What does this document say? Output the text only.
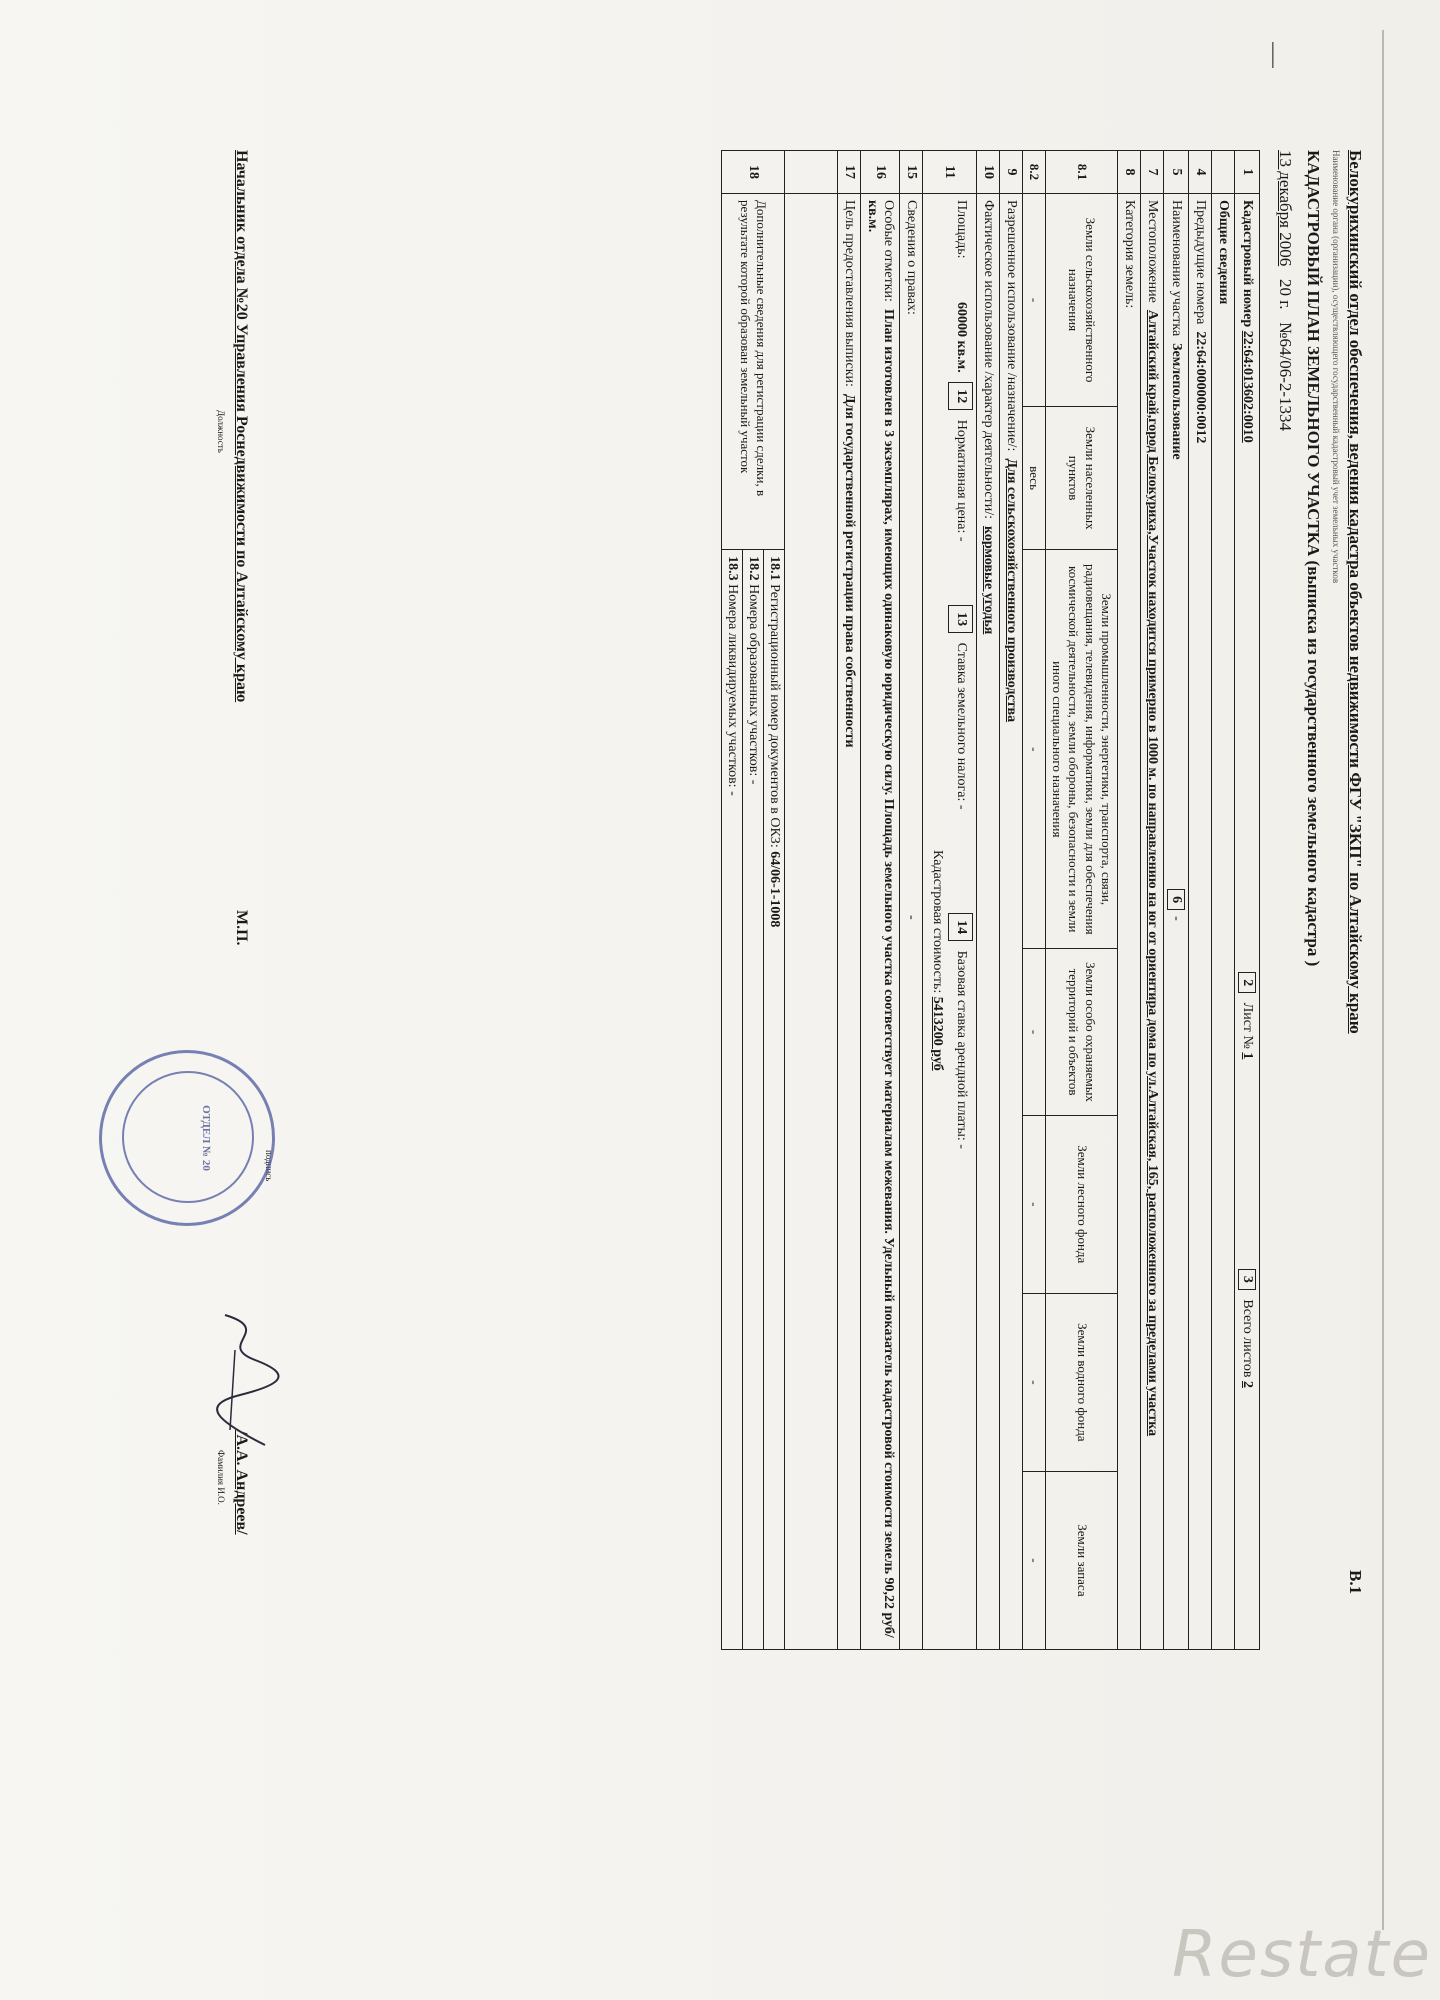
|
Белокурихинский отдел обеспечения, ведения кадастра объектов недвижимости ФГУ "ЗКП" по Алтайскому краю
Наименование органа (организации), осуществляющего государственный кадастровый учет земельных участков
В.1
КАДАСТРОВЫЙ ПЛАН ЗЕМЕЛЬНОГО УЧАСТКА (выписка из государственного земельного кадастра )
13 декабря 2006   20 г.   №64/06-2-1334
1	Кадастровый номер 22:64:013602:0010 2 Лист № 1 3 Всего листов 2						
	Общие сведения						
4	Предыдущие номера  22:64:000000:0012						
5	Наименование участка  Землепользование 6-						
7	Местоположение  Алтайский край,город Белокуриха,Участок находится примерно в 1000 м. по направлению на юг от ориентира дома по ул.Алтайская, 165, расположенного за пределами участка						
8	Категория земель:						
8.1	Земли сельскохозяйственного назначения	Земли населенных пунктов	Земли промышленности, энергетики, транспорта, связи, радиовещания, телевидения, информатики, земли для обеспечения космической деятельности, земли обороны, безопасности и земли иного специального назначения	Земли особо охраняемых территорий и объектов	Земли лесного фонда	Земли водного фонда	Земли запаса
8.2	-	весь	-	-	-	-	-
9	Разрешенное использование /назначение/:  Для сельскохозяйственного производства						
10	Фактическое использование /характер деятельности/:  кормовые угодья						
11	Площадь: 60000 кв.м. 12 Нормативная цена: - 13 Ставка земельного налога: - 14 Базовая ставка арендной платы: -
Кадастровая стоимость: 5413200 руб						
15	Сведения о правах:-						
16	Особые отметки:  План изготовлен в 3 экземплярах, имеющих одинаковую юридическую силу. Площадь земельного участка соответствует материалам межевания. Удельный показатель кадастровой стоимости земель 90,22 руб/кв.м.						
17	Цель предоставления выписки:  Для государственной регистрации права собственности						

18	Дополнительные сведения для регистрации сделки, в результате которой образован земельный участок		18.1 Регистрационный номер документов в ОКЗ: 64/06-1-1008
18.2 Номера образованных участков: -
18.3 Номера ликвидируемых участков: -				
Начальник отдела №20 Управления Роснедвижимости по Алтайскому краю
Должность
М.П.
подпись
/А.А. Андреев/
Фамилия И.О.
ОТДЕЛ № 20
Restate
